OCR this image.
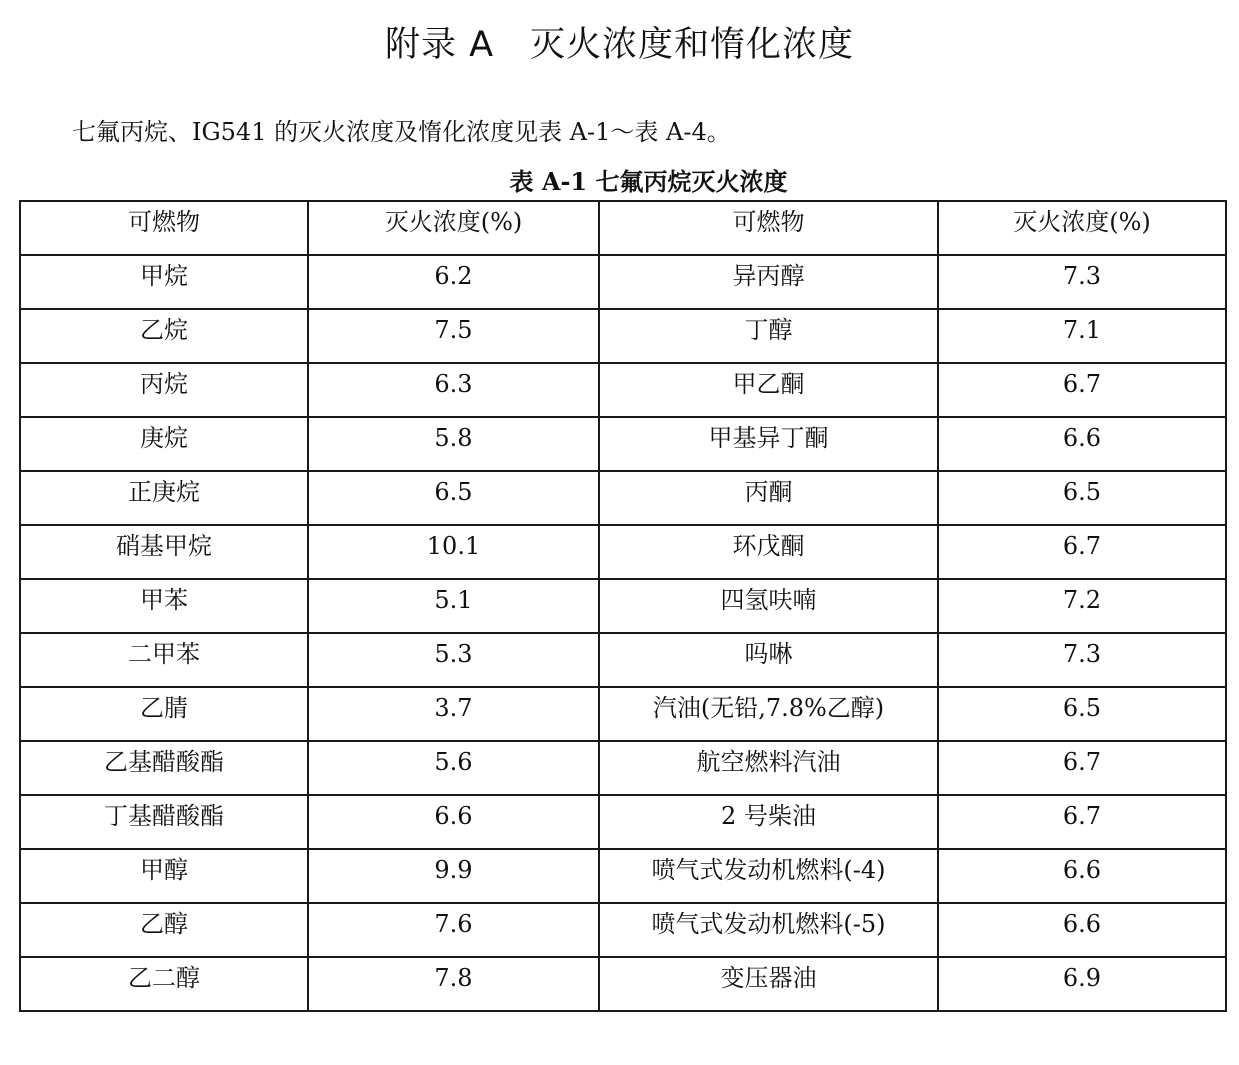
附录 A　灭火浓度和惰化浓度
七氟丙烷、IG541 的灭火浓度及惰化浓度见表 A-1～表 A-4。
表 A-1 七氟丙烷灭火浓度
可燃物	灭火浓度(%)	可燃物	灭火浓度(%)
甲烷	6.2	异丙醇	7.3
乙烷	7.5	丁醇	7.1
丙烷	6.3	甲乙酮	6.7
庚烷	5.8	甲基异丁酮	6.6
正庚烷	6.5	丙酮	6.5
硝基甲烷	10.1	环戊酮	6.7
甲苯	5.1	四氢呋喃	7.2
二甲苯	5.3	吗啉	7.3
乙腈	3.7	汽油(无铅,7.8%乙醇)	6.5
乙基醋酸酯	5.6	航空燃料汽油	6.7
丁基醋酸酯	6.6	2 号柴油	6.7
甲醇	9.9	喷气式发动机燃料(-4)	6.6
乙醇	7.6	喷气式发动机燃料(-5)	6.6
乙二醇	7.8	变压器油	6.9
